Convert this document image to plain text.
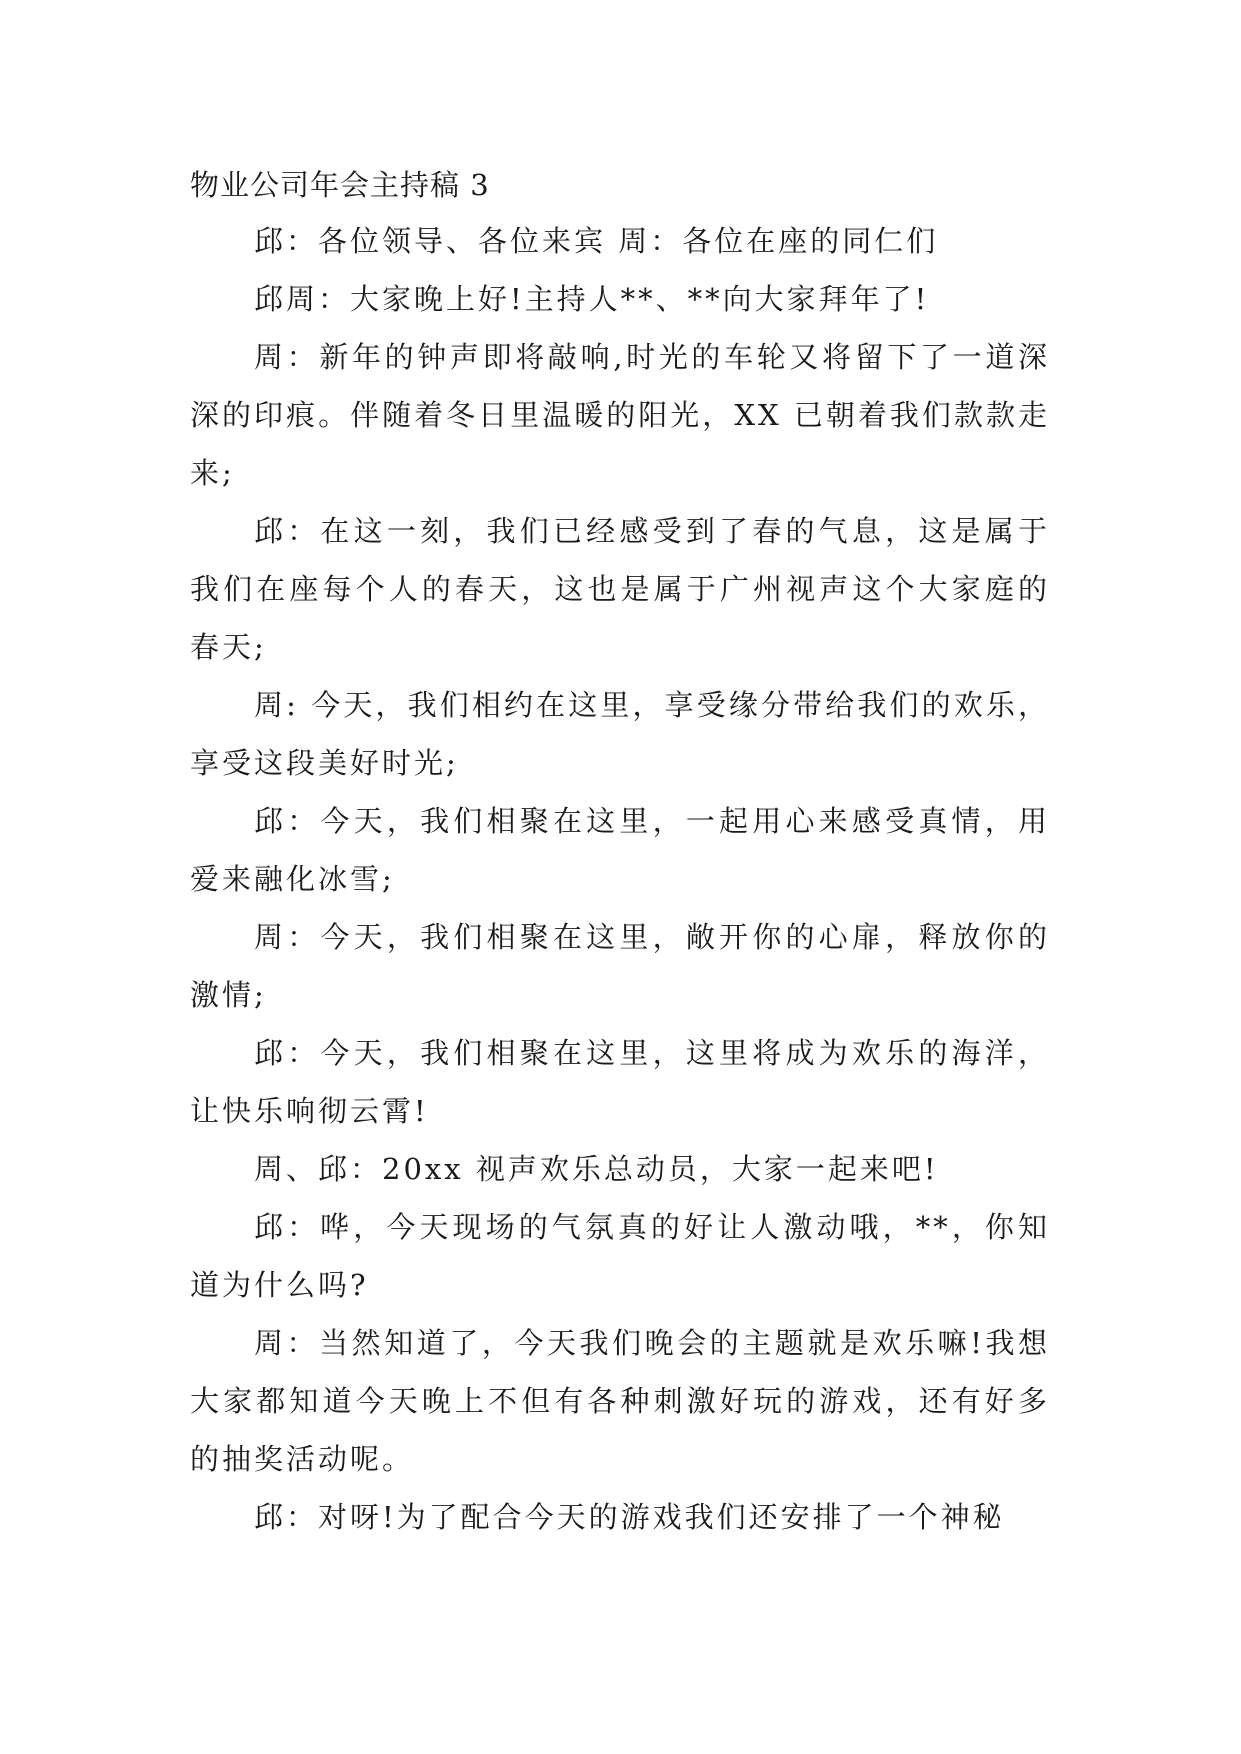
物业公司年会主持稿 3

邱：各位领导、各位来宾 周：各位在座的同仁们

邱周：大家晚上好!主持人**、**向大家拜年了!

周：新年的钟声即将敲响,时光的车轮又将留下了一道深深的印痕。伴随着冬日里温暖的阳光，XX 已朝着我们款款走来;

邱：在这一刻，我们已经感受到了春的气息，这是属于我们在座每个人的春天，这也是属于广州视声这个大家庭的春天;

周: 今天，我们相约在这里，享受缘分带给我们的欢乐，享受这段美好时光;

邱：今天，我们相聚在这里，一起用心来感受真情，用爱来融化冰雪;

周：今天，我们相聚在这里，敞开你的心扉，释放你的激情;

邱：今天，我们相聚在这里，这里将成为欢乐的海洋，让快乐响彻云霄!

周、邱：20xx 视声欢乐总动员，大家一起来吧!

邱：哗，今天现场的气氛真的好让人激动哦，**，你知道为什么吗?

周：当然知道了，今天我们晚会的主题就是欢乐嘛!我想大家都知道今天晚上不但有各种刺激好玩的游戏，还有好多的抽奖活动呢。

邱：对呀!为了配合今天的游戏我们还安排了一个神秘
